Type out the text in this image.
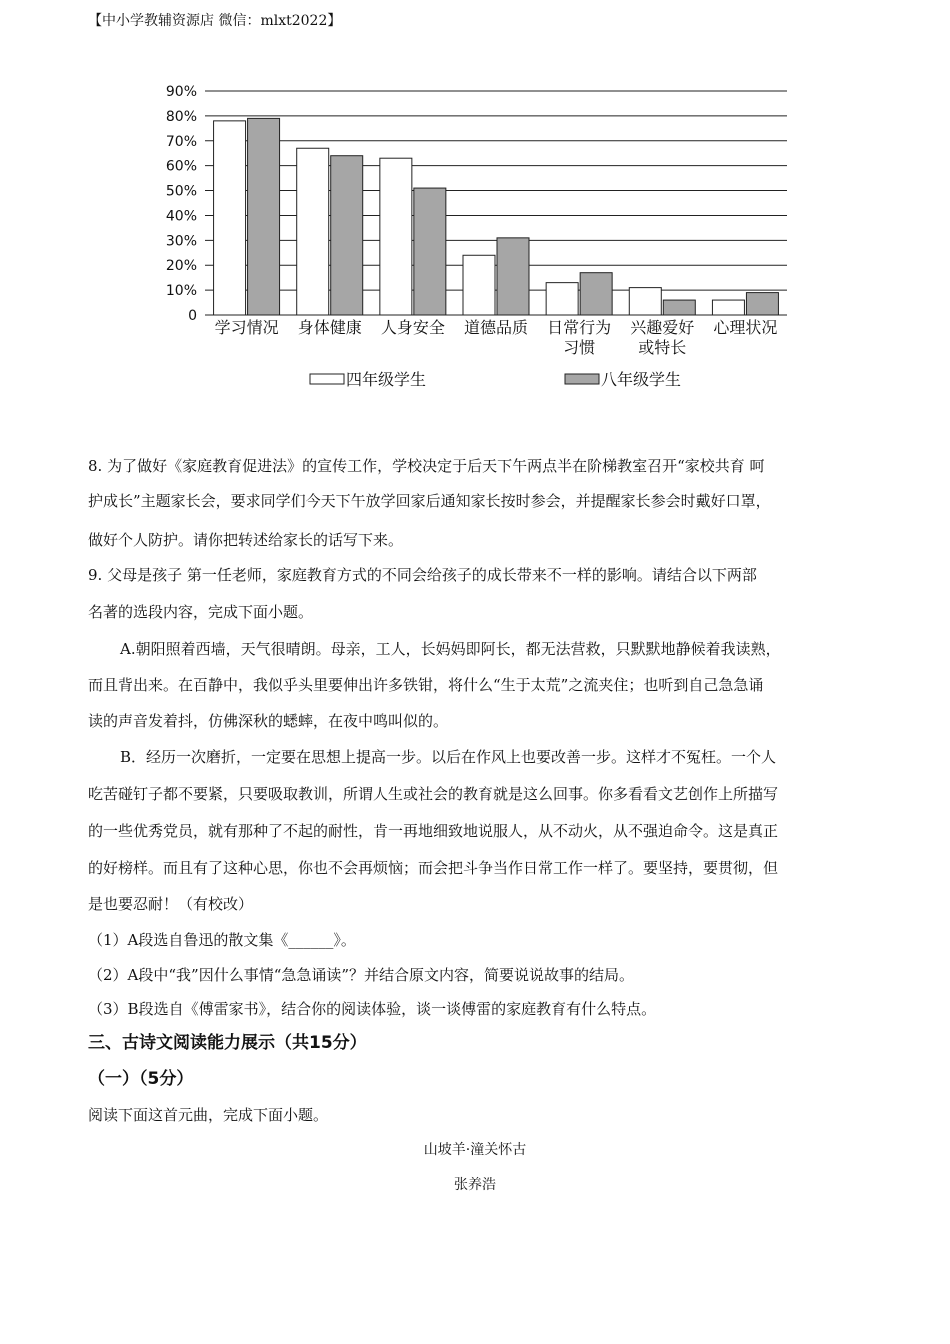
【中小学教辅资源店 微信：mlxt2022】
0
10%
20%
30%
40%
50%
60%
70%
80%
90%
学习情况 身体健康 人身安全 道德品质 日常行为
习惯
兴趣爱好
或特长
心理状况
四年级学生	八年级学生
8. 为了做好《家庭教育促进法》的宣传工作，学校决定于后天下午两点半在阶梯教室召开“家校共育 呵
护成长”主题家长会，要求同学们今天下午放学回家后通知家长按时参会，并提醒家长参会时戴好口罩，
做好个人防护。请你把转述给家长的话写下来。
9. 父母是孩子 第一任老师，家庭教育方式的不同会给孩子的成长带来不一样的影响。请结合以下两部
名著的选段内容，完成下面小题。
A.朝阳照着西墙，天气很晴朗。母亲，工人，长妈妈即阿长，都无法营救，只默默地静候着我读熟，
而且背出来。在百静中，我似乎头里要伸出许多铁钳，将什么“生于太荒”之流夹住；也听到自己急急诵
读的声音发着抖，仿佛深秋的蟋蟀，在夜中鸣叫似的。
B．经历一次磨折，一定要在思想上提高一步。以后在作风上也要改善一步。这样才不冤枉。一个人
吃苦碰钉子都不要紧，只要吸取教训，所谓人生或社会的教育就是这么回事。你多看看文艺创作上所描写
的一些优秀党员，就有那种了不起的耐性，肯一再地细致地说服人，从不动火，从不强迫命令。这是真正
的好榜样。而且有了这种心思，你也不会再烦恼；而会把斗争当作日常工作一样了。要坚持，要贯彻，但
是也要忍耐！（有校改）
（1）A段选自鲁迅的散文集《______》。
（2）A段中“我”因什么事情“急急诵读”？并结合原文内容，简要说说故事的结局。
（3）B段选自《傅雷家书》，结合你的阅读体验，谈一谈傅雷的家庭教育有什么特点。
三、古诗文阅读能力展示（共15分）
（一）（5分）
阅读下面这首元曲，完成下面小题。
山坡羊·潼关怀古
张养浩
